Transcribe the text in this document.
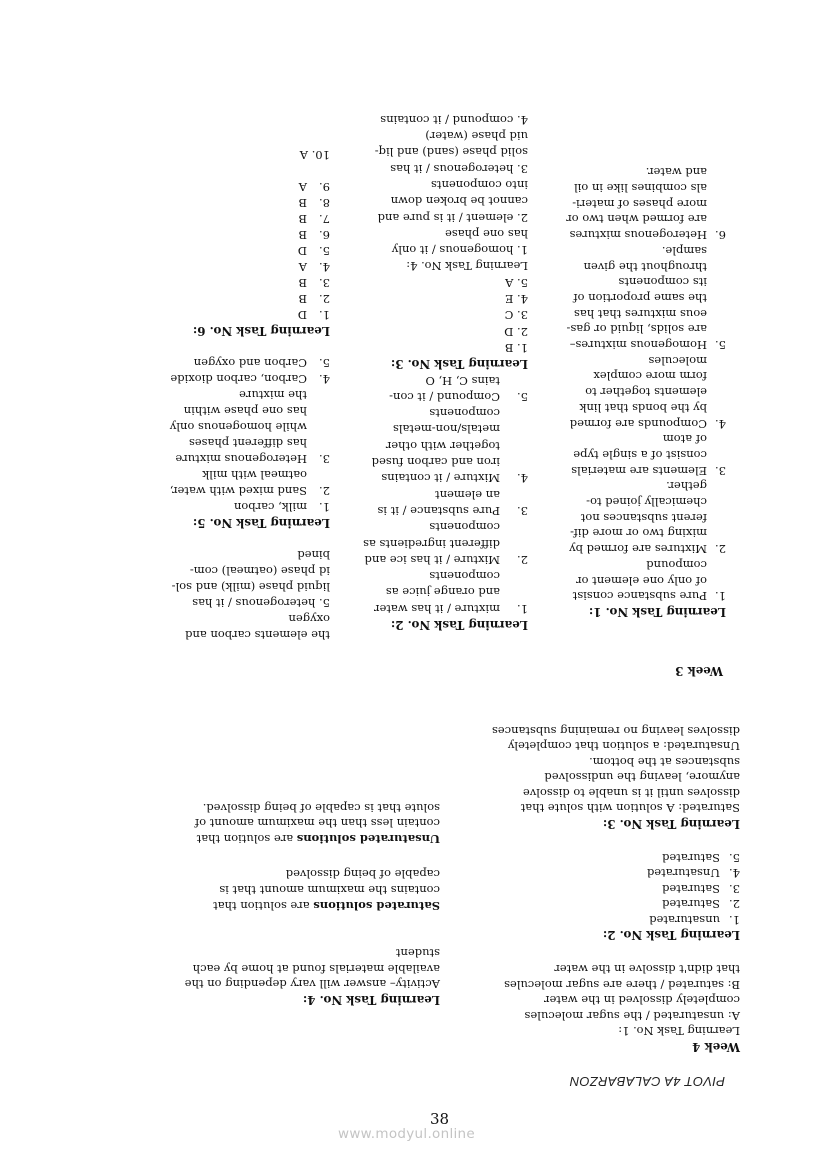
PIVOT 4A CALABARZON
Week 4
Learning Task No. 1:
A: unsaturated / the sugar molecules
completely dissolved in the water
B: saturated / there are sugar molecules
that didn't dissolve in the water
Learning Task No. 2:
1.
unsaturated
2.
Saturated
3.
Saturated
4.
Unsaturated
5.
Saturated
Learning Task No. 3:
Saturated: A solution with solute that
dissolves until it is unable to dissolve
anymore, leaving the undissolved
substances at the bottom.
Unsaturated: a solution that completely
dissolves leaving no remaining substances
Learning Task No. 4:
Activity– answer will vary depending on the
available materials found at home by each
student
Saturated solutions are solution that
contains the maximum amount that is
capable of being dissolved
Unsaturated solutions are solution that
contain less than the maximum amount of
solute that is capable of being dissolved.
Week 3
Learning Task No. 1:
1.
Pure substance consist
of only one element or
compound
2.
Mixtures are formed by
mixing two or more dif-
ferent substances not
chemically joined to-
gether.
3.
Elements are materials
consist of a single type
of atom
4.
Compounds are formed
by the bonds that link
elements together to
form more complex
molecules
5.
Homogenous mixtures–
are solids, liquid or gas-
eous mixtures that has
the same proportion of
its components
throughout the given
sample.
6.
Heterogenous mixtures
are formed when two or
more phases of materi-
als combines like in oil
and water.
Learning Task No. 2:
1.
mixture / it has water
and orange juice as
components
2.
Mixture / it has ice and
different ingredients as
components
3.
Pure substance / it is
an element
4.
Mixture / it contains
iron and carbon fused
together with other
metals/non-metals
components
5.
Compound / it con-
tains C, H, O
Learning Task No. 3:
1. B
2. D
3. C
4. E
5. A
Learning Task No. 4:
1. homogenous / it only
has one phase
2. element / it is pure and
cannot be broken down
into components
3. heterogenous / it has
solid phase (sand) and liq-
uid phase (water)
4. compound / it contains
the elements carbon and
oxygen
5. heterogenous / it has
liquid phase (milk) and sol-
id phase (oatmeal) com-
bined
Learning Task No. 5:
1.
milk, carbon
2.
Sand mixed with water,
oatmeal with milk
3.
Heterogenous mixture
has different phases
while homogenous only
has one phase within
the mixture
4.
Carbon, carbon dioxide
5.
Carbon and oxygen
Learning Task No. 6:
1.
D
2.
B
3.
B
4.
A
5.
D
6.
B
7.
B
8.
B
9.
A
10. A
38
www.modyul.online
